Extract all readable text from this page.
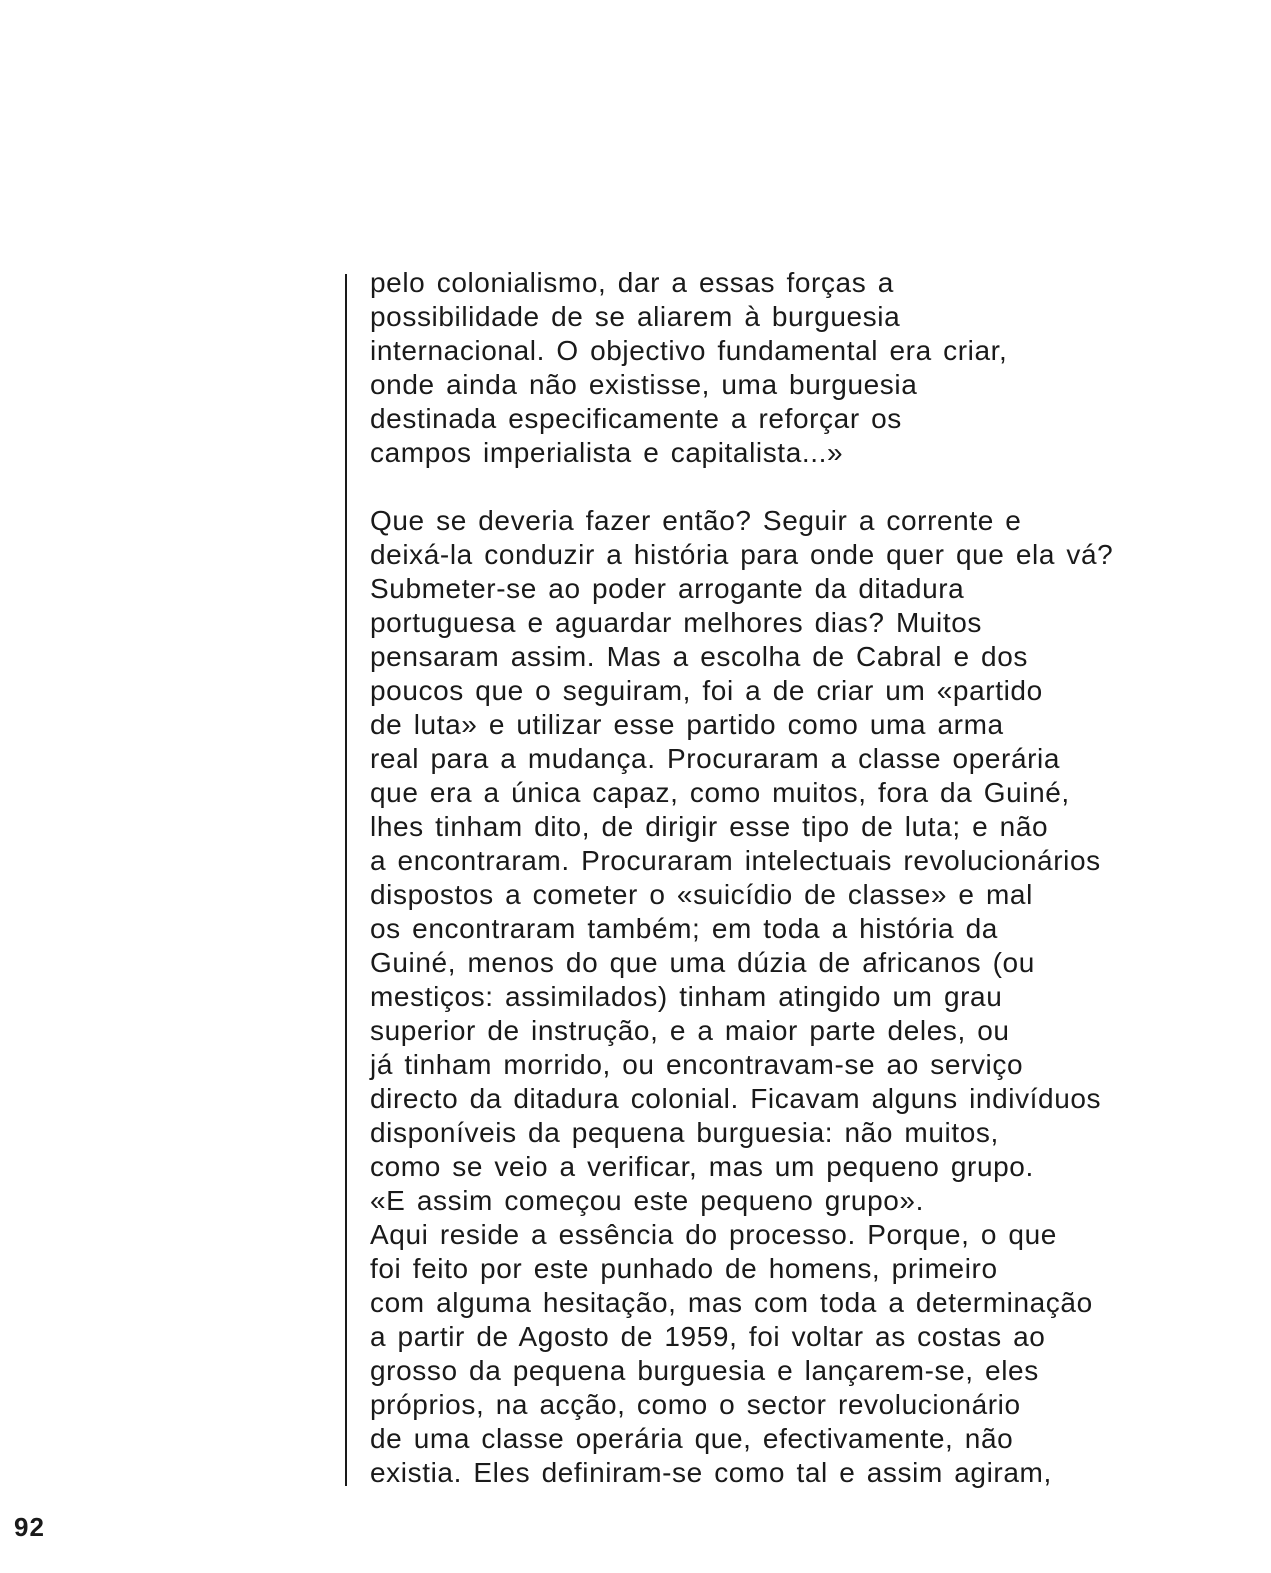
pelo colonialismo, dar a essas forças a
possibilidade de se aliarem à burguesia
internacional. O objectivo fundamental era criar,
onde ainda não existisse, uma burguesia
destinada especificamente a reforçar os
campos imperialista e capitalista...»
Que se deveria fazer então? Seguir a corrente e
deixá-la conduzir a história para onde quer que ela vá?
Submeter-se ao poder arrogante da ditadura
portuguesa e aguardar melhores dias? Muitos
pensaram assim. Mas a escolha de Cabral e dos
poucos que o seguiram, foi a de criar um «partido
de luta» e utilizar esse partido como uma arma
real para a mudança. Procuraram a classe operária
que era a única capaz, como muitos, fora da Guiné,
lhes tinham dito, de dirigir esse tipo de luta; e não
a encontraram. Procuraram intelectuais revolucionários
dispostos a cometer o «suicídio de classe» e mal
os encontraram também; em toda a história da
Guiné, menos do que uma dúzia de africanos (ou
mestiços: assimilados) tinham atingido um grau
superior de instrução, e a maior parte deles, ou
já tinham morrido, ou encontravam-se ao serviço
directo da ditadura colonial. Ficavam alguns indivíduos
disponíveis da pequena burguesia: não muitos,
como se veio a verificar, mas um pequeno grupo.
«E assim começou este pequeno grupo».
Aqui reside a essência do processo. Porque, o que
foi feito por este punhado de homens, primeiro
com alguma hesitação, mas com toda a determinação
a partir de Agosto de 1959, foi voltar as costas ao
grosso da pequena burguesia e lançarem-se, eles
próprios, na acção, como o sector revolucionário
de uma classe operária que, efectivamente, não
existia. Eles definiram-se como tal e assim agiram,
92
